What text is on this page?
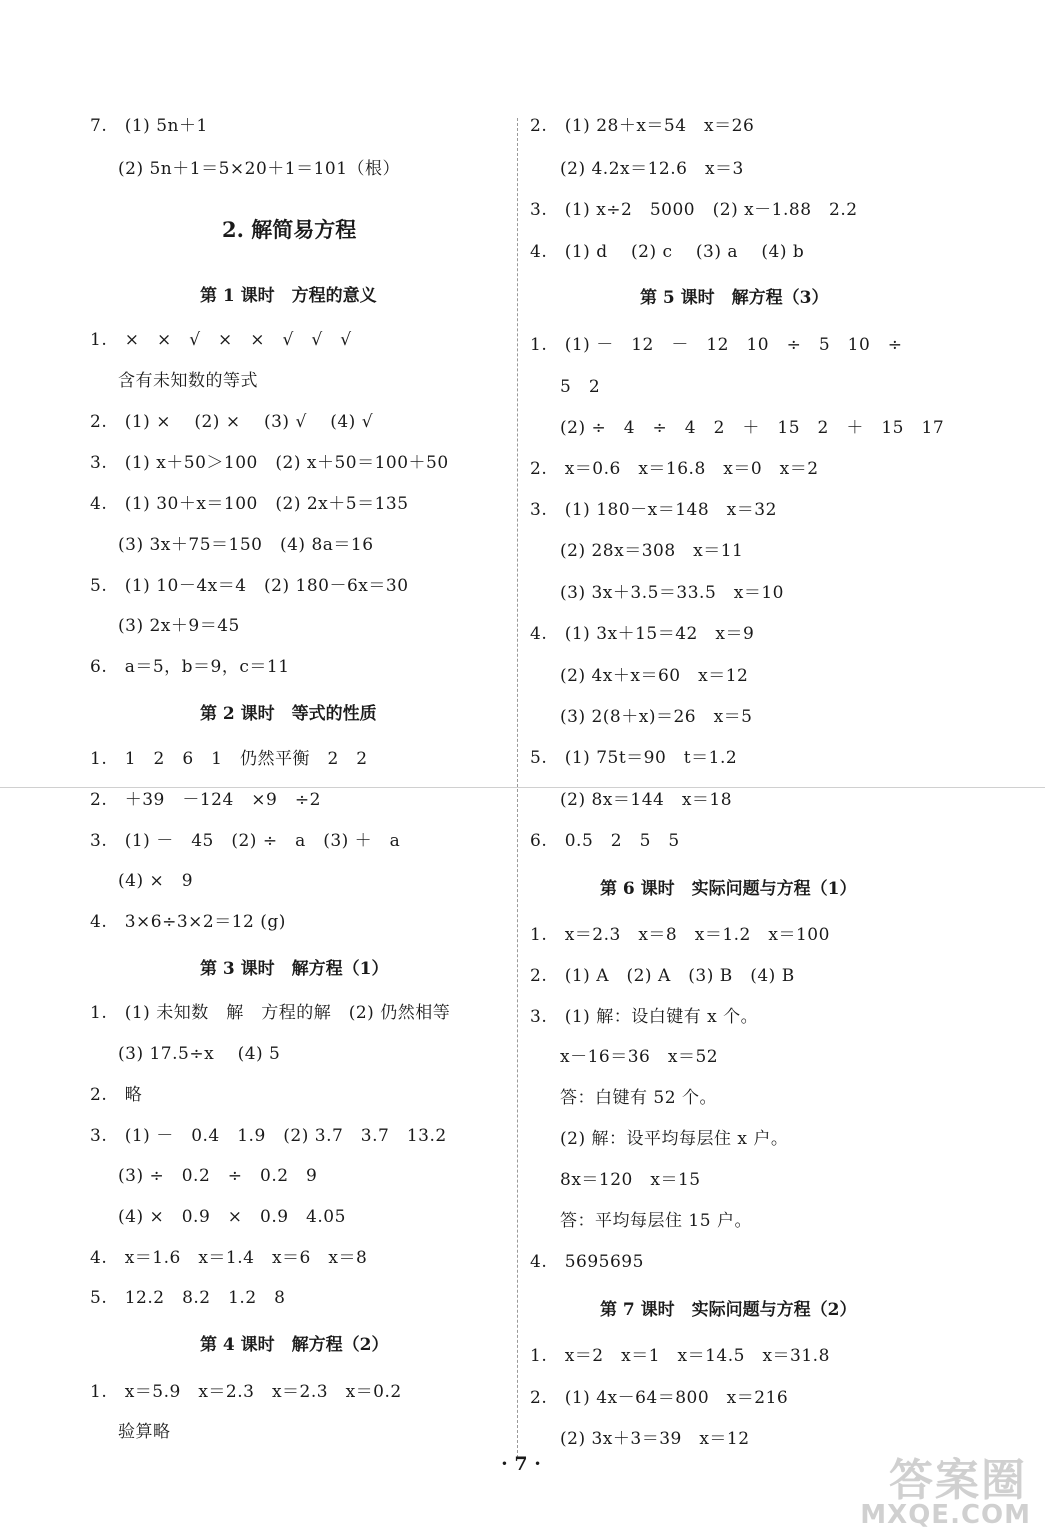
7.　(1) 5n＋1
(2) 5n＋1＝5×20＋1＝101（根）
2. 解简易方程
第 1 课时　方程的意义
1.　×　×　√　×　×　√　√　√
含有未知数的等式
2.　(1) ×　 (2) ×　 (3) √　 (4) √
3.　(1) x＋50＞100　(2) x＋50＝100＋50
4.　(1) 30＋x＝100　(2) 2x＋5＝135
(3) 3x＋75＝150　(4) 8a＝16
5.　(1) 10－4x＝4　(2) 180－6x＝30
(3) 2x＋9＝45
6.　a＝5，b＝9，c＝11
第 2 课时　等式的性质
1.　1　2　6　1　仍然平衡　2　2
2.　＋39　－124　×9　÷2
3.　(1) －　45　(2) ÷　a　(3) ＋　a
(4) ×　9
4.　3×6÷3×2＝12 (g)
第 3 课时　解方程（1）
1.　(1) 未知数　解　方程的解　(2) 仍然相等
(3) 17.5÷x　 (4) 5
2.　略
3.　(1) －　0.4　1.9　(2) 3.7　3.7　13.2
(3) ÷　0.2　÷　0.2　9
(4) ×　0.9　×　0.9　4.05
4.　x＝1.6　x＝1.4　x＝6　x＝8
5.　12.2　8.2　1.2　8
第 4 课时　解方程（2）
1.　x＝5.9　x＝2.3　x＝2.3　x＝0.2
验算略
2.　(1) 28＋x＝54　x＝26
(2) 4.2x＝12.6　x＝3
3.　(1) x÷2　5000　(2) x－1.88　2.2
4.　(1) d　 (2) c　 (3) a　 (4) b
第 5 课时　解方程（3）
1.　(1) －　12　－　12　10　÷　5　10　÷
5　2
(2) ÷　4　÷　4　2　＋　15　2　＋　15　17
2.　x＝0.6　x＝16.8　x＝0　x＝2
3.　(1) 180－x＝148　x＝32
(2) 28x＝308　x＝11
(3) 3x＋3.5＝33.5　x＝10
4.　(1) 3x＋15＝42　x＝9
(2) 4x＋x＝60　x＝12
(3) 2(8＋x)＝26　x＝5
5.　(1) 75t＝90　t＝1.2
(2) 8x＝144　x＝18
6.　0.5　2　5　5
第 6 课时　实际问题与方程（1）
1.　x＝2.3　x＝8　x＝1.2　x＝100
2.　(1) A　(2) A　(3) B　(4) B
3.　(1) 解：设白键有 x 个。
x－16＝36　x＝52
答：白键有 52 个。
(2) 解：设平均每层住 x 户。
8x＝120　x＝15
答：平均每层住 15 户。
4.　5695695
第 7 课时　实际问题与方程（2）
1.　x＝2　x＝1　x＝14.5　x＝31.8
2.　(1) 4x－64＝800　x＝216
(2) 3x＋3＝39　x＝12
· 7 ·	答案圈
MXQE.COM
